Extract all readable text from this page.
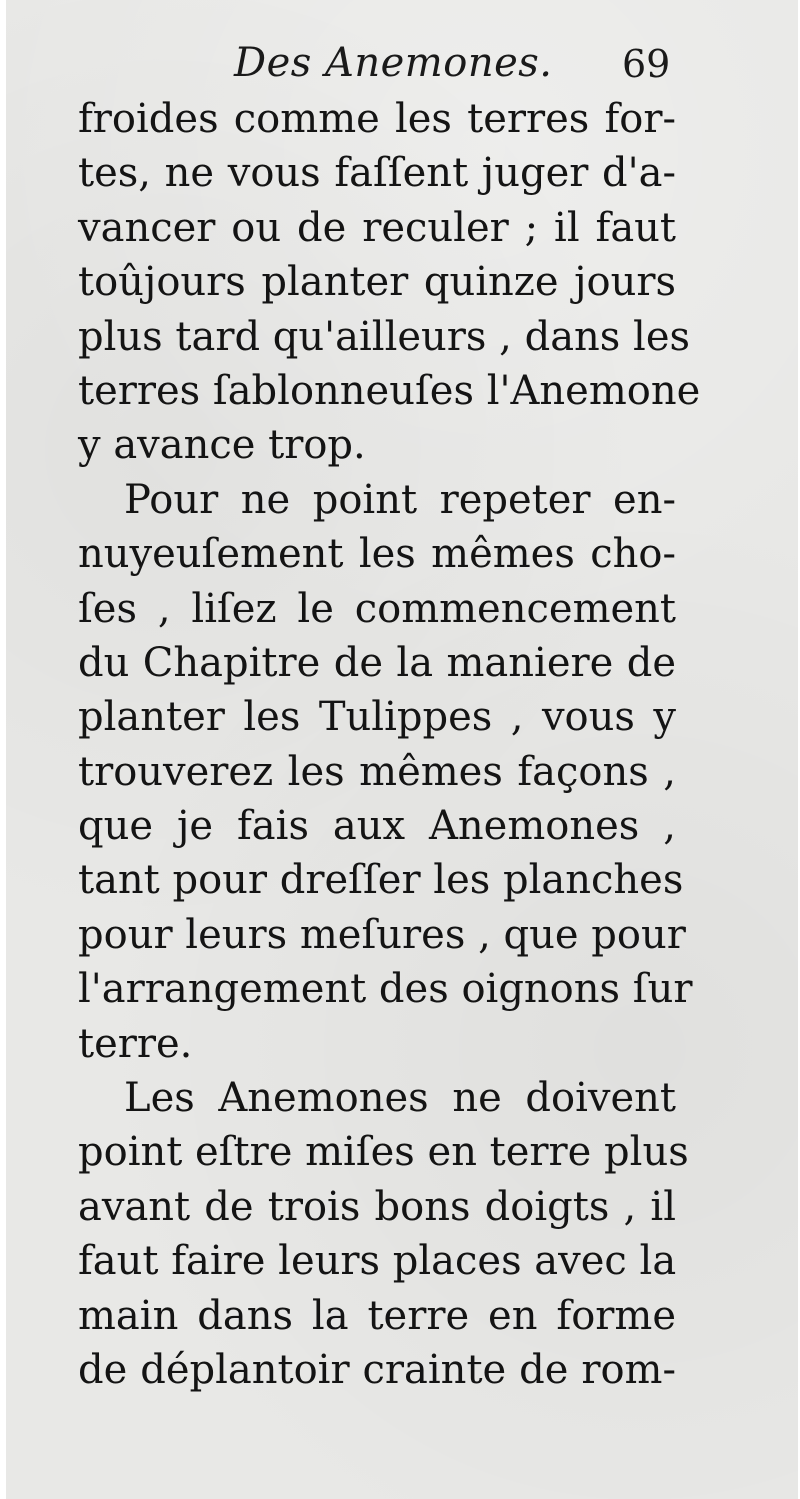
Des Anemones. 69
froides comme les terres for-
tes, ne vous faſſent juger d'a-
vancer ou de reculer ; il faut
toûjours planter quinze jours
plus tard qu'ailleurs , dans les
terres ſablonneuſes l'Anemone
y avance trop.
Pour ne point repeter en-
nuyeuſement les mêmes cho-
ſes , liſez le commencement
du Chapitre de la maniere de
planter les Tulippes , vous y
trouverez les mêmes façons ,
que je fais aux Anemones ,
tant pour dreſſer les planches
pour leurs meſures , que pour
l'arrangement des oignons ſur
terre.
Les Anemones ne doivent
point eſtre miſes en terre plus
avant de trois bons doigts , il
faut faire leurs places avec la
main dans la terre en forme
de déplantoir crainte de rom-
